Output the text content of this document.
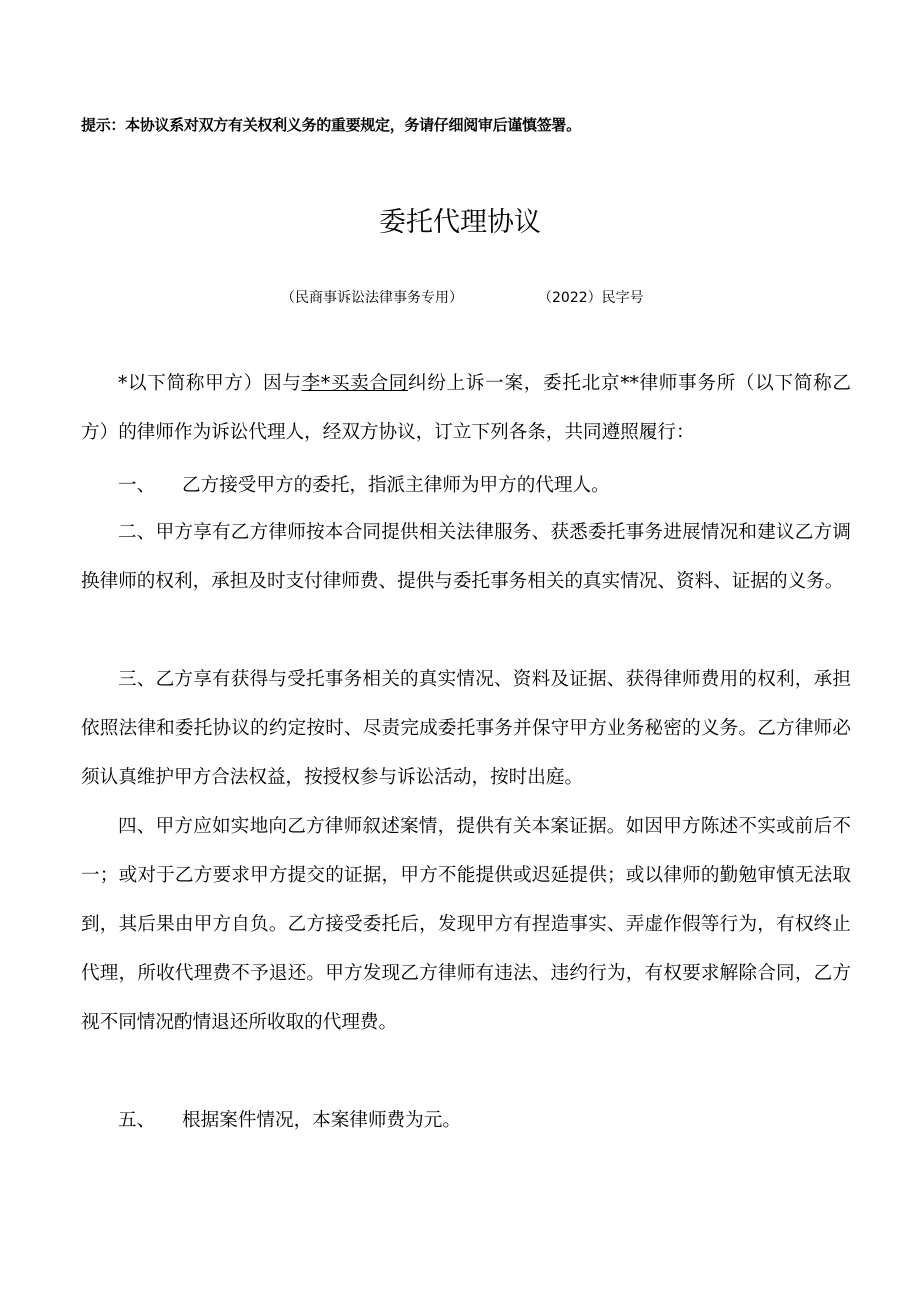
提示：本协议系对双方有关权利义务的重要规定，务请仔细阅审后谨慎签署。
委托代理协议
（民商事诉讼法律事务专用）	（2022）民字号

*以下简称甲方）因与李*买卖合同纠纷上诉一案，委托北京**律师事务所（以下简称乙方）的律师作为诉讼代理人，经双方协议，订立下列各条，共同遵照履行：

一、 乙方接受甲方的委托，指派主律师为甲方的代理人。

二、甲方享有乙方律师按本合同提供相关法律服务、获悉委托事务进展情况和建议乙方调换律师的权利，承担及时支付律师费、提供与委托事务相关的真实情况、资料、证据的义务。

三、乙方享有获得与受托事务相关的真实情况、资料及证据、获得律师费用的权利，承担依照法律和委托协议的约定按时、尽责完成委托事务并保守甲方业务秘密的义务。乙方律师必须认真维护甲方合法权益，按授权参与诉讼活动，按时出庭。

四、甲方应如实地向乙方律师叙述案情，提供有关本案证据。如因甲方陈述不实或前后不一；或对于乙方要求甲方提交的证据，甲方不能提供或迟延提供；或以律师的勤勉审慎无法取到，其后果由甲方自负。乙方接受委托后，发现甲方有捏造事实、弄虚作假等行为，有权终止代理，所收代理费不予退还。甲方发现乙方律师有违法、违约行为，有权要求解除合同，乙方视不同情况酌情退还所收取的代理费。

五、 根据案件情况，本案律师费为元。
